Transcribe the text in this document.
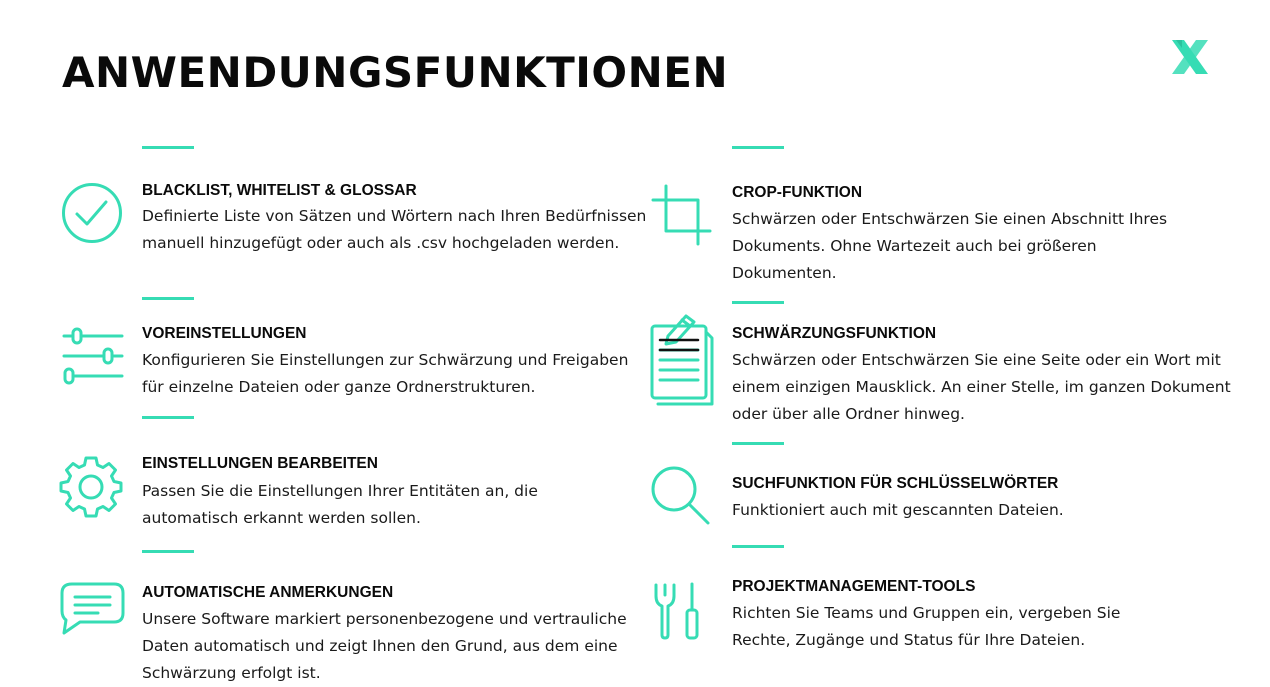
ANWENDUNGSFUNKTIONEN
BLACKLIST, WHITELIST & GLOSSAR

Definierte Liste von Sätzen und Wörtern nach Ihren Bedürfnissen manuell hinzugefügt oder auch als .csv hochgeladen werden.

VOREINSTELLUNGEN

Konfigurieren Sie Einstellungen zur Schwärzung und Freigaben für einzelne Dateien oder ganze Ordnerstrukturen.

EINSTELLUNGEN BEARBEITEN

Passen Sie die Einstellungen Ihrer Entitäten an, die automatisch erkannt werden sollen.

AUTOMATISCHE ANMERKUNGEN

Unsere Software markiert personenbezogene und vertrauliche Daten automatisch und zeigt Ihnen den Grund, aus dem eine Schwärzung erfolgt ist.

CROP-FUNKTION

Schwärzen oder Entschwärzen Sie einen Abschnitt Ihres Dokuments. Ohne Wartezeit auch bei größeren Dokumenten.

SCHWÄRZUNGSFUNKTION

Schwärzen oder Entschwärzen Sie eine Seite oder ein Wort mit einem einzigen Mausklick. An einer Stelle, im ganzen Dokument oder über alle Ordner hinweg.

SUCHFUNKTION FÜR SCHLÜSSELWÖRTER

Funktioniert auch mit gescannten Dateien.

PROJEKTMANAGEMENT-TOOLS

Richten Sie Teams und Gruppen ein, vergeben Sie Rechte, Zugänge und Status für Ihre Dateien.
